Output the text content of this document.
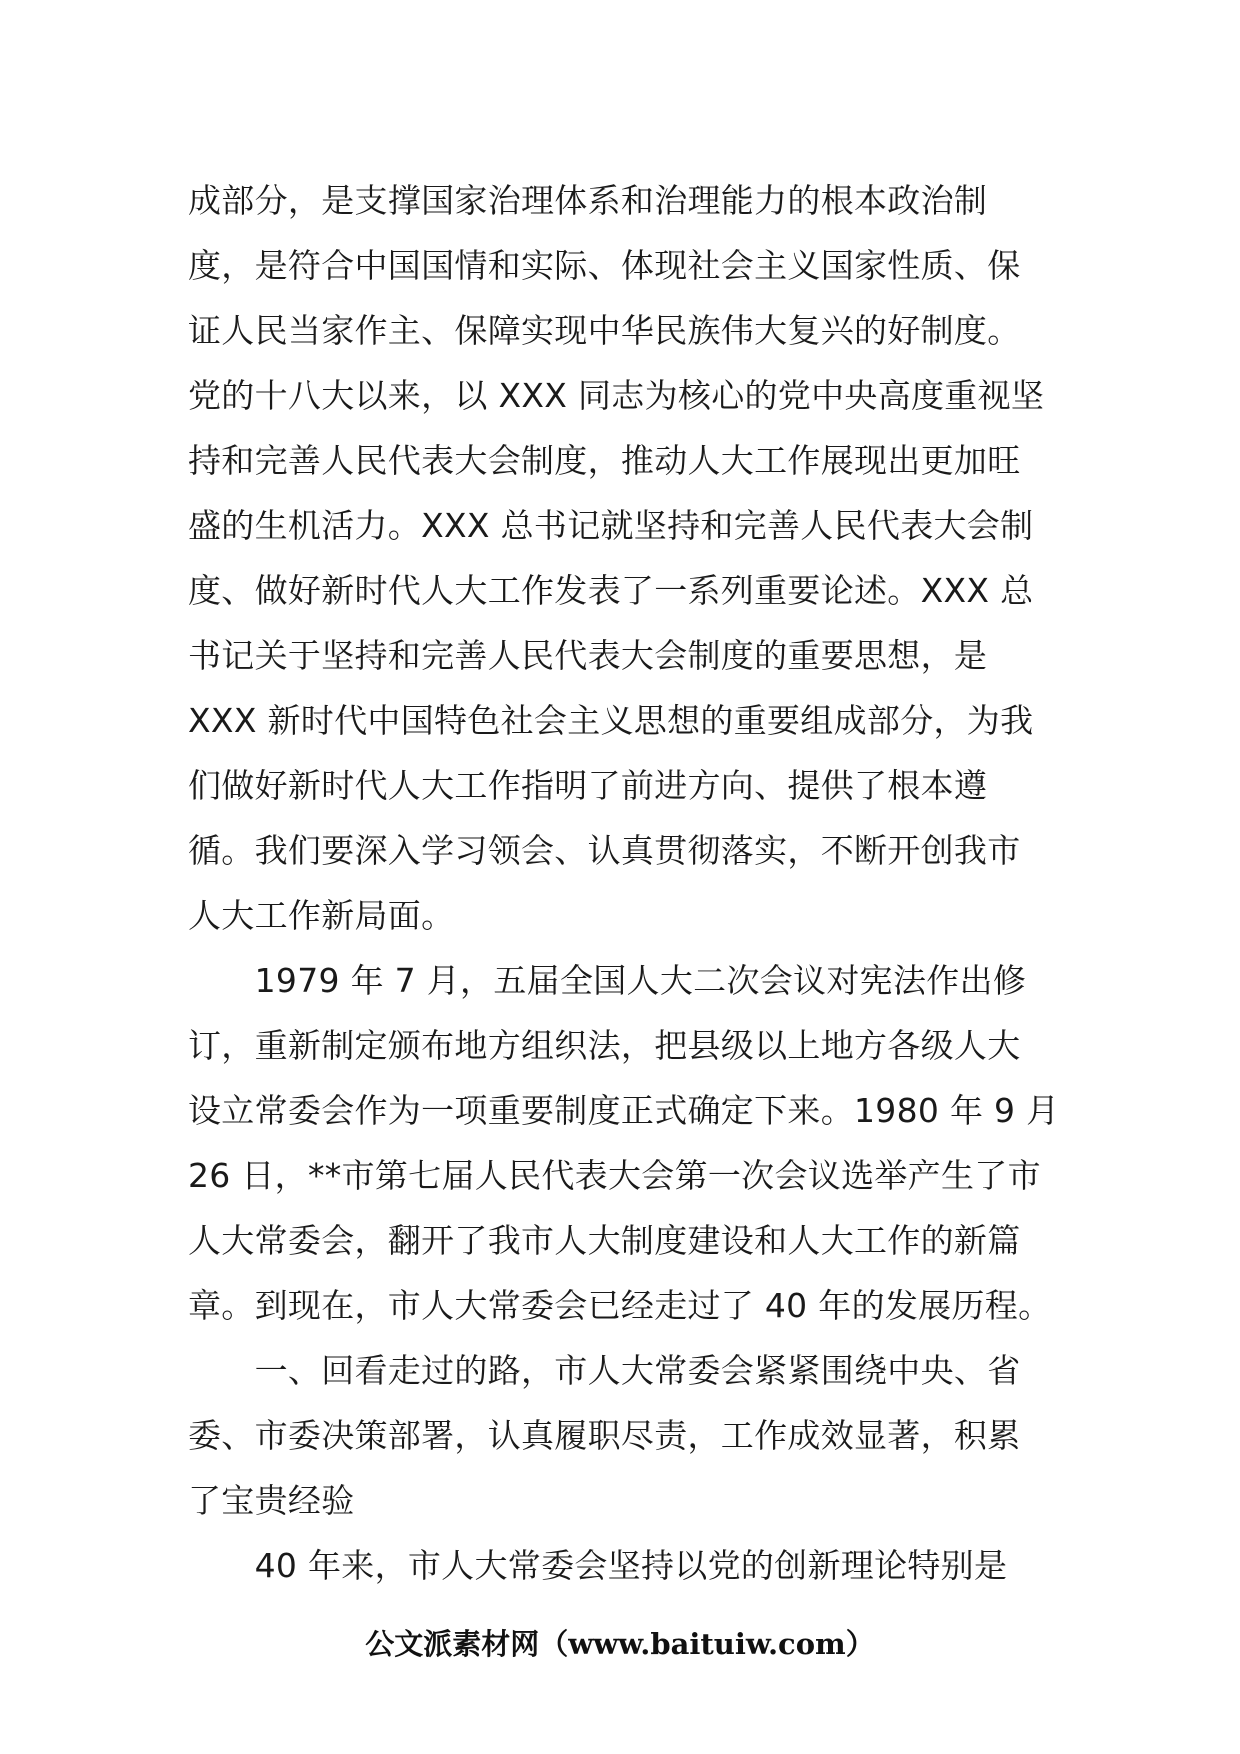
成部分，是支撑国家治理体系和治理能力的根本政治制
度，是符合中国国情和实际、体现社会主义国家性质、保
证人民当家作主、保障实现中华民族伟大复兴的好制度。
党的十八大以来，以 XXX 同志为核心的党中央高度重视坚
持和完善人民代表大会制度，推动人大工作展现出更加旺
盛的生机活力。XXX 总书记就坚持和完善人民代表大会制
度、做好新时代人大工作发表了一系列重要论述。XXX 总
书记关于坚持和完善人民代表大会制度的重要思想，是
XXX 新时代中国特色社会主义思想的重要组成部分，为我
们做好新时代人大工作指明了前进方向、提供了根本遵
循。我们要深入学习领会、认真贯彻落实，不断开创我市
人大工作新局面。
　　1979 年 7 月，五届全国人大二次会议对宪法作出修
订，重新制定颁布地方组织法，把县级以上地方各级人大
设立常委会作为一项重要制度正式确定下来。1980 年 9 月
26 日，**市第七届人民代表大会第一次会议选举产生了市
人大常委会，翻开了我市人大制度建设和人大工作的新篇
章。到现在，市人大常委会已经走过了 40 年的发展历程。
　　一、回看走过的路，市人大常委会紧紧围绕中央、省
委、市委决策部署，认真履职尽责，工作成效显著，积累
了宝贵经验
　　40 年来，市人大常委会坚持以党的创新理论特别是
公文派素材网（www.baituiw.com）
